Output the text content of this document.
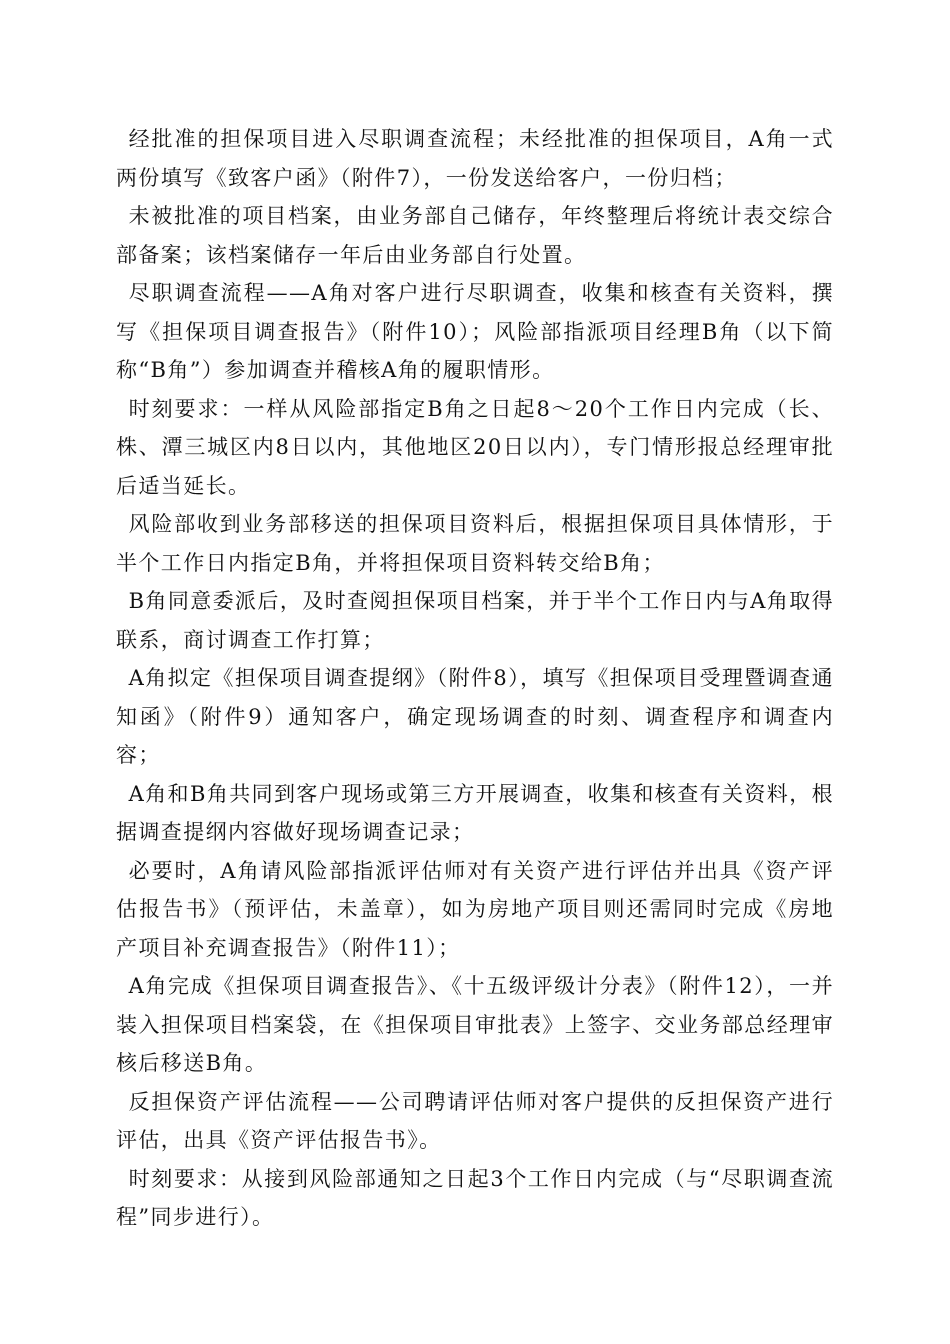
经批准的担保项目进入尽职调查流程；未经批准的担保项目，A角一式两份填写《致客户函》（附件7），一份发送给客户，一份归档；

未被批准的项目档案，由业务部自己储存，年终整理后将统计表交综合部备案；该档案储存一年后由业务部自行处置。

尽职调查流程——A角对客户进行尽职调查，收集和核查有关资料，撰写《担保项目调查报告》（附件10）；风险部指派项目经理B角（以下简称“B角”）参加调查并稽核A角的履职情形。

时刻要求：一样从风险部指定B角之日起8～20个工作日内完成（长、株、潭三城区内8日以内，其他地区20日以内），专门情形报总经理审批后适当延长。

风险部收到业务部移送的担保项目资料后，根据担保项目具体情形，于半个工作日内指定B角，并将担保项目资料转交给B角；

B角同意委派后，及时查阅担保项目档案，并于半个工作日内与A角取得联系，商讨调查工作打算；

A角拟定《担保项目调查提纲》（附件8），填写《担保项目受理暨调查通知函》（附件9）通知客户，确定现场调查的时刻、调查程序和调查内容；

A角和B角共同到客户现场或第三方开展调查，收集和核查有关资料，根据调查提纲内容做好现场调查记录；

必要时，A角请风险部指派评估师对有关资产进行评估并出具《资产评估报告书》（预评估，未盖章），如为房地产项目则还需同时完成《房地产项目补充调查报告》（附件11）；

A角完成《担保项目调查报告》、《十五级评级计分表》（附件12），一并装入担保项目档案袋，在《担保项目审批表》上签字、交业务部总经理审核后移送B角。

反担保资产评估流程——公司聘请评估师对客户提供的反担保资产进行评估，出具《资产评估报告书》。

时刻要求：从接到风险部通知之日起3个工作日内完成（与“尽职调查流程”同步进行）。
